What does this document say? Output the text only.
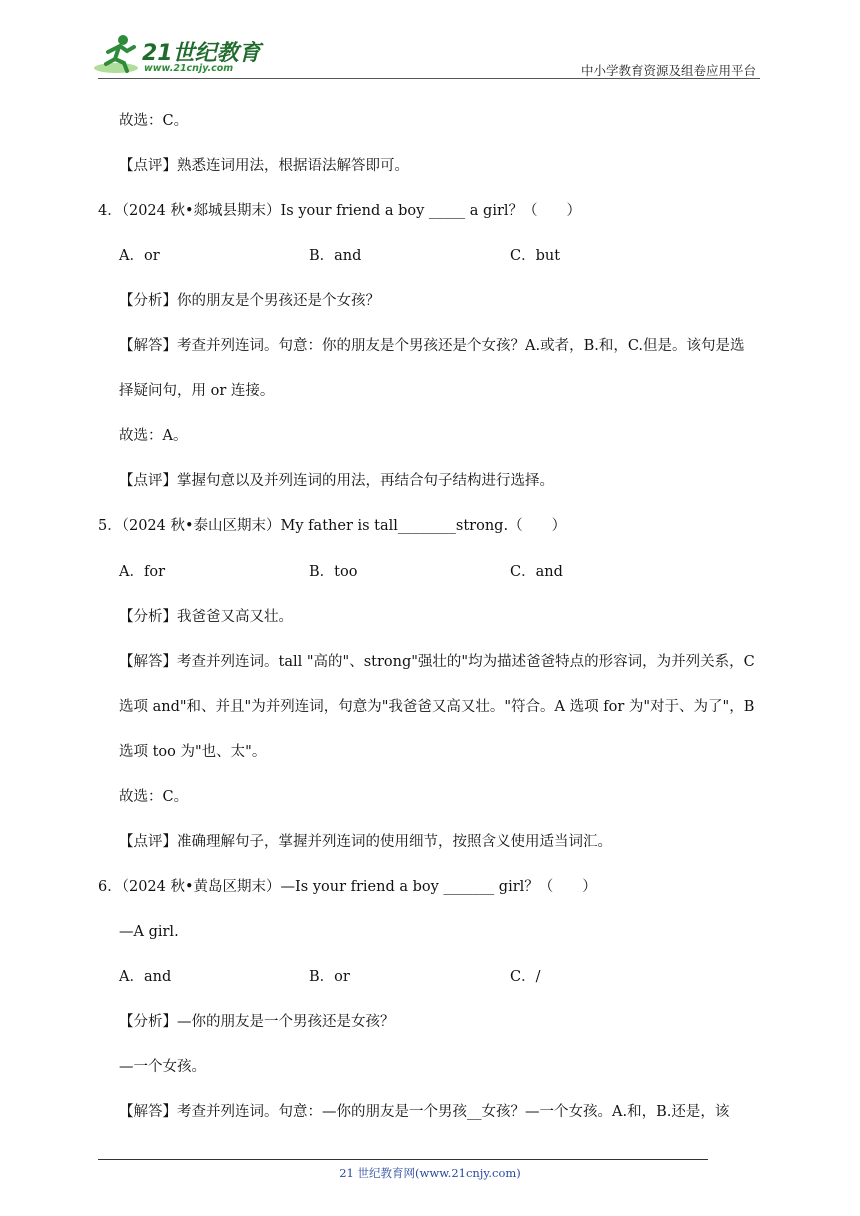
21世纪教育
www.21cnjy.com	中小学教育资源及组卷应用平台
故选：C。
【点评】熟悉连词用法，根据语法解答即可。
4．（2024 秋•郯城县期末）Is your friend a boy _____ a girl？（　　）
A．or	B．and	C．but
【分析】你的朋友是个男孩还是个女孩？
【解答】考查并列连词。句意：你的朋友是个男孩还是个女孩？A.或者，B.和，C.但是。该句是选
择疑问句，用 or 连接。
故选：A。
【点评】掌握句意以及并列连词的用法，再结合句子结构进行选择。
5．（2024 秋•泰山区期末）My father is tall________strong.（　　）
A．for	B．too	C．and
【分析】我爸爸又高又壮。
【解答】考查并列连词。tall "高的"、strong"强壮的"均为描述爸爸特点的形容词，为并列关系，C
选项 and"和、并且"为并列连词，句意为"我爸爸又高又壮。"符合。A 选项 for 为"对于、为了"，B
选项 too 为"也、太"。
故选：C。
【点评】准确理解句子，掌握并列连词的使用细节，按照含义使用适当词汇。
6．（2024 秋•黄岛区期末）—Is your friend a boy _______ girl？（　　）
—A girl.
A．and	B．or	C．/
【分析】—你的朋友是一个男孩还是女孩？
—一个女孩。
【解答】考查并列连词。句意：—你的朋友是一个男孩__女孩？—一个女孩。A.和，B.还是，该
21 世纪教育网(www.21cnjy.com)
